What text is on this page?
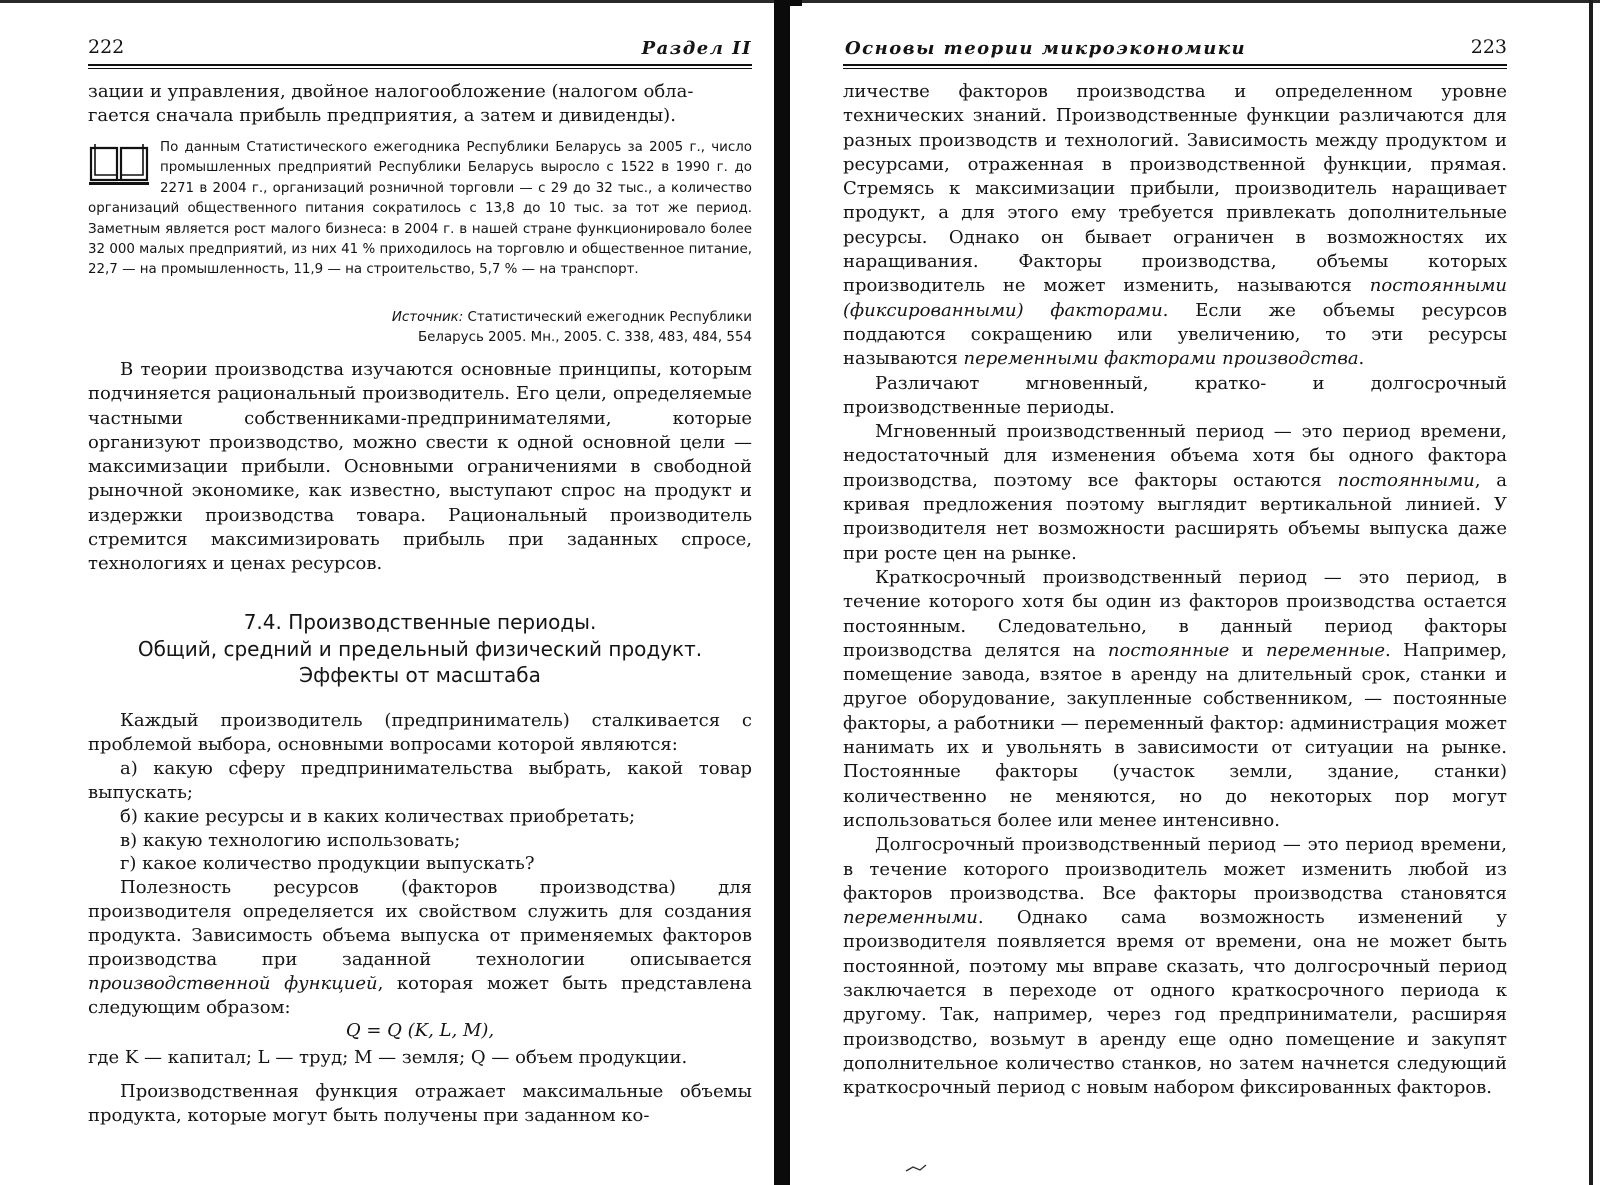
222	Раздел II

зации и управления, двойное налогообложение (налогом обла-

гается сначала прибыль предприятия, а затем и дивиденды).

По данным Статистического ежегодника Республики Беларусь за 2005 г., число промышленных предприятий Республики Беларусь выросло с 1522 в 1990 г. до 2271 в 2004 г., организаций розничной торговли — с 29 до 32 тыс., а количество организаций общественного питания сократилось с 13,8 до 10 тыс. за тот же период. Заметным является рост малого бизнеса: в 2004 г. в нашей стране функционировало более 32 000 малых предприятий, из них 41 % приходилось на торговлю и общественное питание, 22,7 — на промышленность, 11,9 — на строительство, 5,7 % — на транспорт.

Источник: Статистический ежегодник Республики

Беларусь 2005. Мн., 2005. С. 338, 483, 484, 554

В теории производства изучаются основные принципы, которым подчиняется рациональный производитель. Его цели, определяемые частными собственниками-предпринимателями, которые организуют производство, можно свести к одной основной цели — максимизации прибыли. Основными ограничениями в свободной рыночной экономике, как известно, выступают спрос на продукт и издержки производства товара. Рациональный производитель стремится максимизировать прибыль при заданных спросе, технологиях и ценах ресурсов.

7.4. Производственные периоды.
Общий, средний и предельный физический продукт.
Эффекты от масштаба

Каждый производитель (предприниматель) сталкивается с проблемой выбора, основными вопросами которой являются:

а) какую сферу предпринимательства выбрать, какой товар выпускать;

б) какие ресурсы и в каких количествах приобретать;

в) какую технологию использовать;

г) какое количество продукции выпускать?

Полезность ресурсов (факторов производства) для производителя определяется их свойством служить для создания продукта. Зависимость объема выпуска от применяемых факторов производства при заданной технологии описывается производственной функцией, которая может быть представлена следующим образом:

Q = Q (K, L, M),
где K — капитал; L — труд; M — земля; Q — объем продукции.

Производственная функция отражает максимальные объемы продукта, которые могут быть получены при заданном ко-

Основы теории микроэкономики	223

личестве факторов производства и определенном уровне технических знаний. Производственные функции различаются для разных производств и технологий. Зависимость между продуктом и ресурсами, отраженная в производственной функции, прямая. Стремясь к максимизации прибыли, производитель наращивает продукт, а для этого ему требуется привлекать дополнительные ресурсы. Однако он бывает ограничен в возможностях их наращивания. Факторы производства, объемы которых производитель не может изменить, называются постоянными (фиксированными) факторами. Если же объемы ресурсов поддаются сокращению или увеличению, то эти ресурсы называются переменными факторами производства.

Различают мгновенный, кратко- и долгосрочный производственные периоды.

Мгновенный производственный период — это период времени, недостаточный для изменения объема хотя бы одного фактора производства, поэтому все факторы остаются постоянными, а кривая предложения поэтому выглядит вертикальной линией. У производителя нет возможности расширять объемы выпуска даже при росте цен на рынке.

Краткосрочный производственный период — это период, в течение которого хотя бы один из факторов производства остается постоянным. Следовательно, в данный период факторы производства делятся на постоянные и переменные. Например, помещение завода, взятое в аренду на длительный срок, станки и другое оборудование, закупленные собственником, — постоянные факторы, а работники — переменный фактор: администрация может нанимать их и увольнять в зависимости от ситуации на рынке. Постоянные факторы (участок земли, здание, станки) количественно не меняются, но до некоторых пор могут использоваться более или менее интенсивно.

Долгосрочный производственный период — это период времени, в течение которого производитель может изменить любой из факторов производства. Все факторы производства становятся переменными. Однако сама возможность изменений у производителя появляется время от времени, она не может быть постоянной, поэтому мы вправе сказать, что долгосрочный период заключается в переходе от одного краткосрочного периода к другому. Так, например, через год предприниматели, расширяя производство, возьмут в аренду еще одно помещение и закупят дополнительное количество станков, но затем начнется следующий краткосрочный период с новым набором фиксированных факторов.
